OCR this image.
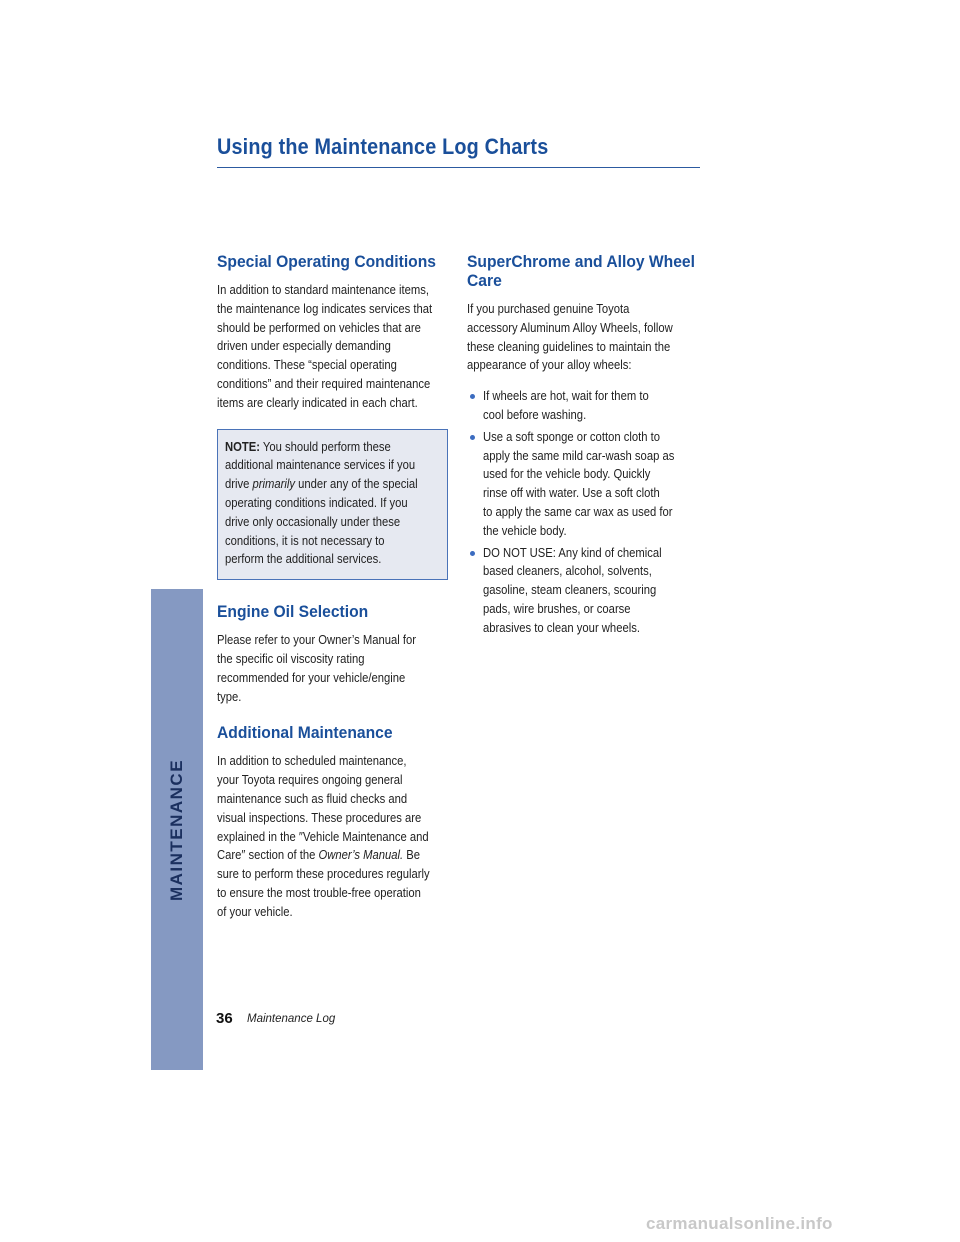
Using the Maintenance Log Charts
Special Operating Conditions

In addition to standard maintenance items,
the maintenance log indicates services that
should be performed on vehicles that are
driven under especially demanding
conditions. These “special operating
conditions” and their required maintenance
items are clearly indicated in each chart.

NOTE: You should perform these
additional maintenance services if you
drive primarily under any of the special
operating conditions indicated. If you
drive only occasionally under these
conditions, it is not necessary to
perform the additional services.

Engine Oil Selection

Please refer to your Owner’s Manual for
the specific oil viscosity rating
recommended for your vehicle/engine
type.

Additional Maintenance

In addition to scheduled maintenance,
your Toyota requires ongoing general
maintenance such as fluid checks and
visual inspections. These procedures are
explained in the ″Vehicle Maintenance and
Care″ section of the Owner’s Manual. Be
sure to perform these procedures regularly
to ensure the most trouble-free operation
of your vehicle.

SuperChrome and Alloy Wheel
Care

If you purchased genuine Toyota
accessory Aluminum Alloy Wheels, follow
these cleaning guidelines to maintain the
appearance of your alloy wheels:

If wheels are hot, wait for them to
cool before washing.
Use a soft sponge or cotton cloth to
apply the same mild car-wash soap as
used for the vehicle body. Quickly
rinse off with water. Use a soft cloth
to apply the same car wax as used for
the vehicle body.
DO NOT USE: Any kind of chemical
based cleaners, alcohol, solvents,
gasoline, steam cleaners, scouring
pads, wire brushes, or coarse
abrasives to clean your wheels.
MAINTENANCE
36 Maintenance Log
carmanualsonline.info
